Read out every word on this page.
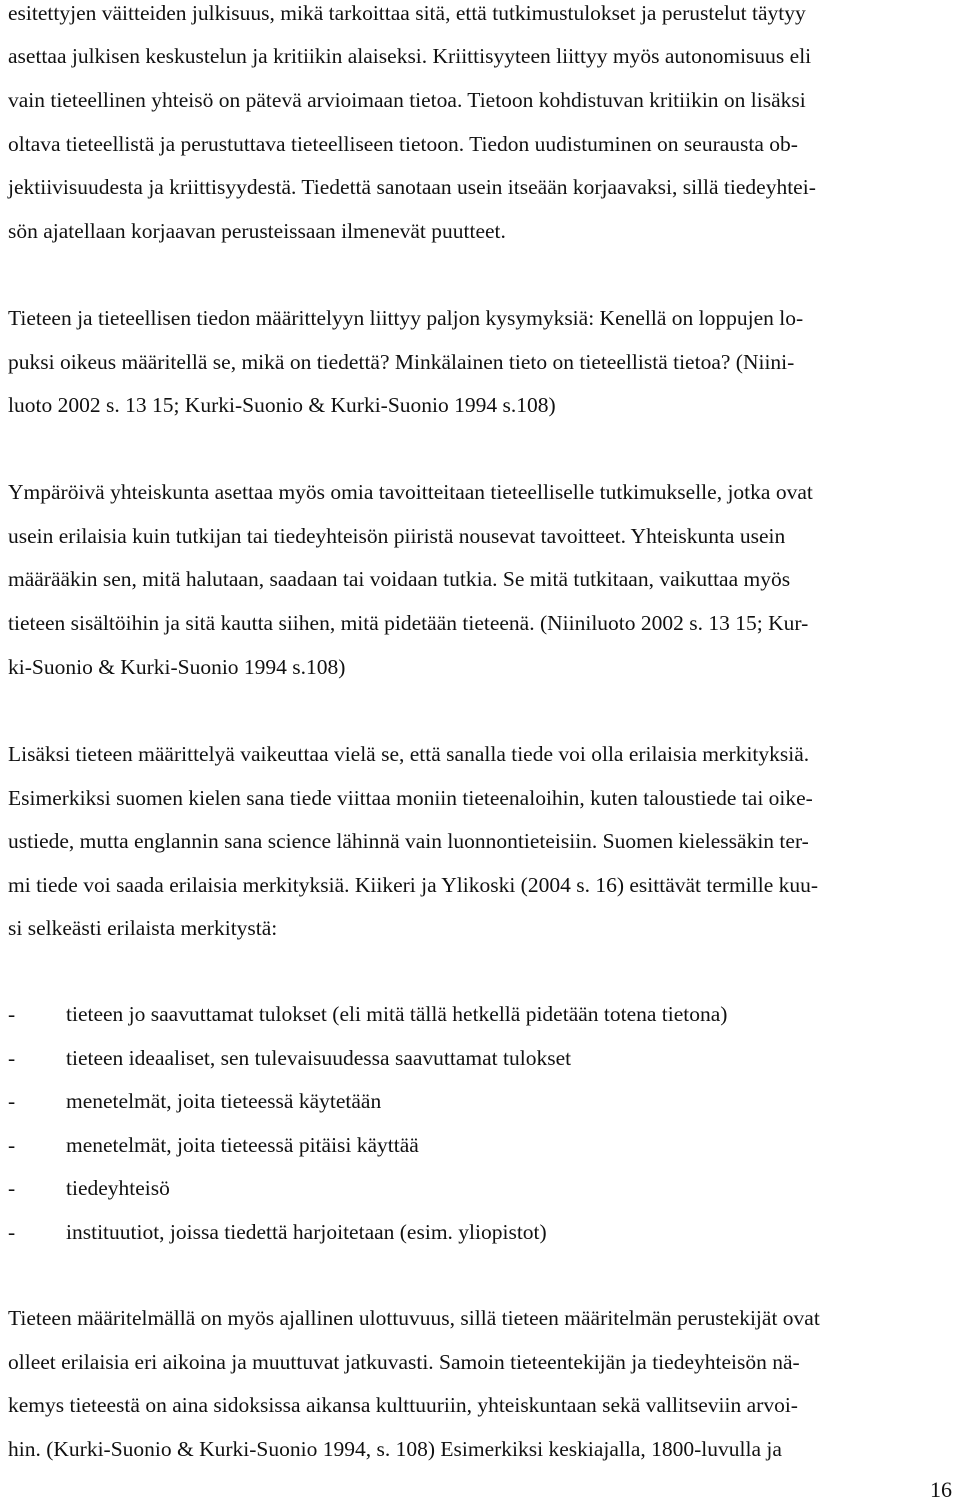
esitettyjen väitteiden julkisuus, mikä tarkoittaa sitä, että tutkimustulokset ja perustelut täytyy
asettaa julkisen keskustelun ja kritiikin alaiseksi. Kriittisyyteen liittyy myös autonomisuus eli
vain tieteellinen yhteisö on pätevä arvioimaan tietoa. Tietoon kohdistuvan kritiikin on lisäksi
oltava tieteellistä ja perustuttava tieteelliseen tietoon. Tiedon uudistuminen on seurausta ob-
jektiivisuudesta ja kriittisyydestä. Tiedettä sanotaan usein itseään korjaavaksi, sillä tiedeyhtei-
sön ajatellaan korjaavan perusteissaan ilmenevät puutteet.
Tieteen ja tieteellisen tiedon määrittelyyn liittyy paljon kysymyksiä: Kenellä on loppujen lo-
puksi oikeus määritellä se, mikä on tiedettä? Minkälainen tieto on tieteellistä tietoa? (Niini-
luoto 2002 s. 13 15; Kurki-Suonio & Kurki-Suonio 1994 s.108)
Ympäröivä yhteiskunta asettaa myös omia tavoitteitaan tieteelliselle tutkimukselle, jotka ovat
usein erilaisia kuin tutkijan tai tiedeyhteisön piiristä nousevat tavoitteet. Yhteiskunta usein
määrääkin sen, mitä halutaan, saadaan tai voidaan tutkia. Se mitä tutkitaan, vaikuttaa myös
tieteen sisältöihin ja sitä kautta siihen, mitä pidetään tieteenä. (Niiniluoto 2002 s. 13 15; Kur-
ki-Suonio & Kurki-Suonio 1994 s.108)
Lisäksi tieteen määrittelyä vaikeuttaa vielä se, että sanalla tiede voi olla erilaisia merkityksiä.
Esimerkiksi suomen kielen sana tiede viittaa moniin tieteenaloihin, kuten taloustiede tai oike-
ustiede, mutta englannin sana science lähinnä vain luonnontieteisiin. Suomen kielessäkin ter-
mi tiede voi saada erilaisia merkityksiä. Kiikeri ja Ylikoski (2004 s. 16) esittävät termille kuu-
si selkeästi erilaista merkitystä:
- tieteen jo saavuttamat tulokset (eli mitä tällä hetkellä pidetään totena tietona)
- tieteen ideaaliset, sen tulevaisuudessa saavuttamat tulokset
- menetelmät, joita tieteessä käytetään
- menetelmät, joita tieteessä pitäisi käyttää
- tiedeyhteisö
- instituutiot, joissa tiedettä harjoitetaan (esim. yliopistot)
Tieteen määritelmällä on myös ajallinen ulottuvuus, sillä tieteen määritelmän perustekijät ovat
olleet erilaisia eri aikoina ja muuttuvat jatkuvasti. Samoin tieteentekijän ja tiedeyhteisön nä-
kemys tieteestä on aina sidoksissa aikansa kulttuuriin, yhteiskuntaan sekä vallitseviin arvoi-
hin. (Kurki-Suonio & Kurki-Suonio 1994, s. 108) Esimerkiksi keskiajalla, 1800-luvulla ja
16
